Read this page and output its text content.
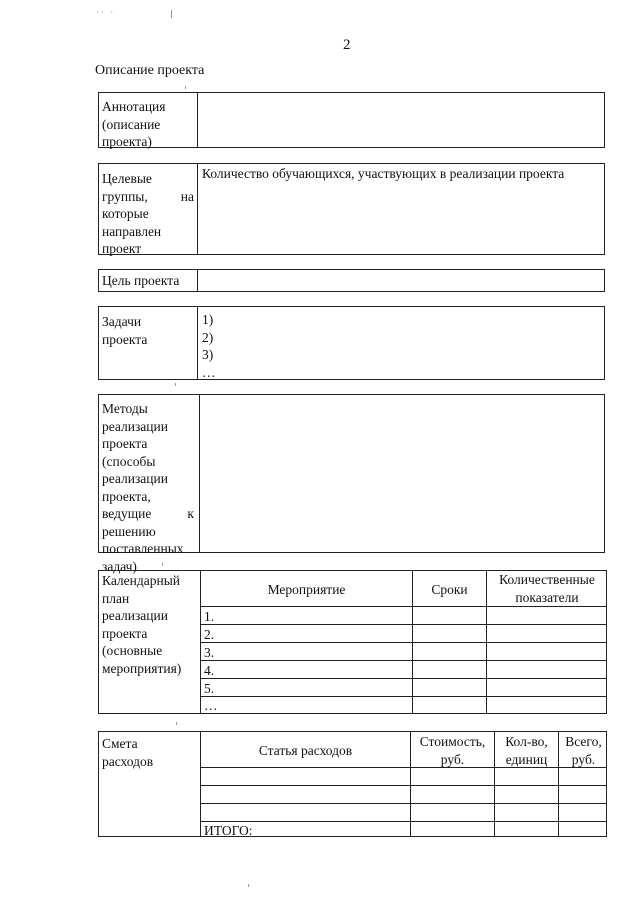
·· ·
2
Описание проекта
Аннотация (описание проекта)
Целевые группы, на которые направлен проект
Количество обучающихся, участвующих в реализации проекта
Цель проекта
Задачи проекта
1)
2)
3)
…
Методы реализации проекта (способы реализации проекта, ведущие к решению поставленных задач)
Календарный план реализации проекта (основные мероприятия)
Мероприятие	Сроки
Количественные показатели
1.
2.
3.
4.
5.
…
Смета расходов
Статья расходов
Стоимость, руб.
Кол-во, единиц
Всего, руб.
ИТОГО:
